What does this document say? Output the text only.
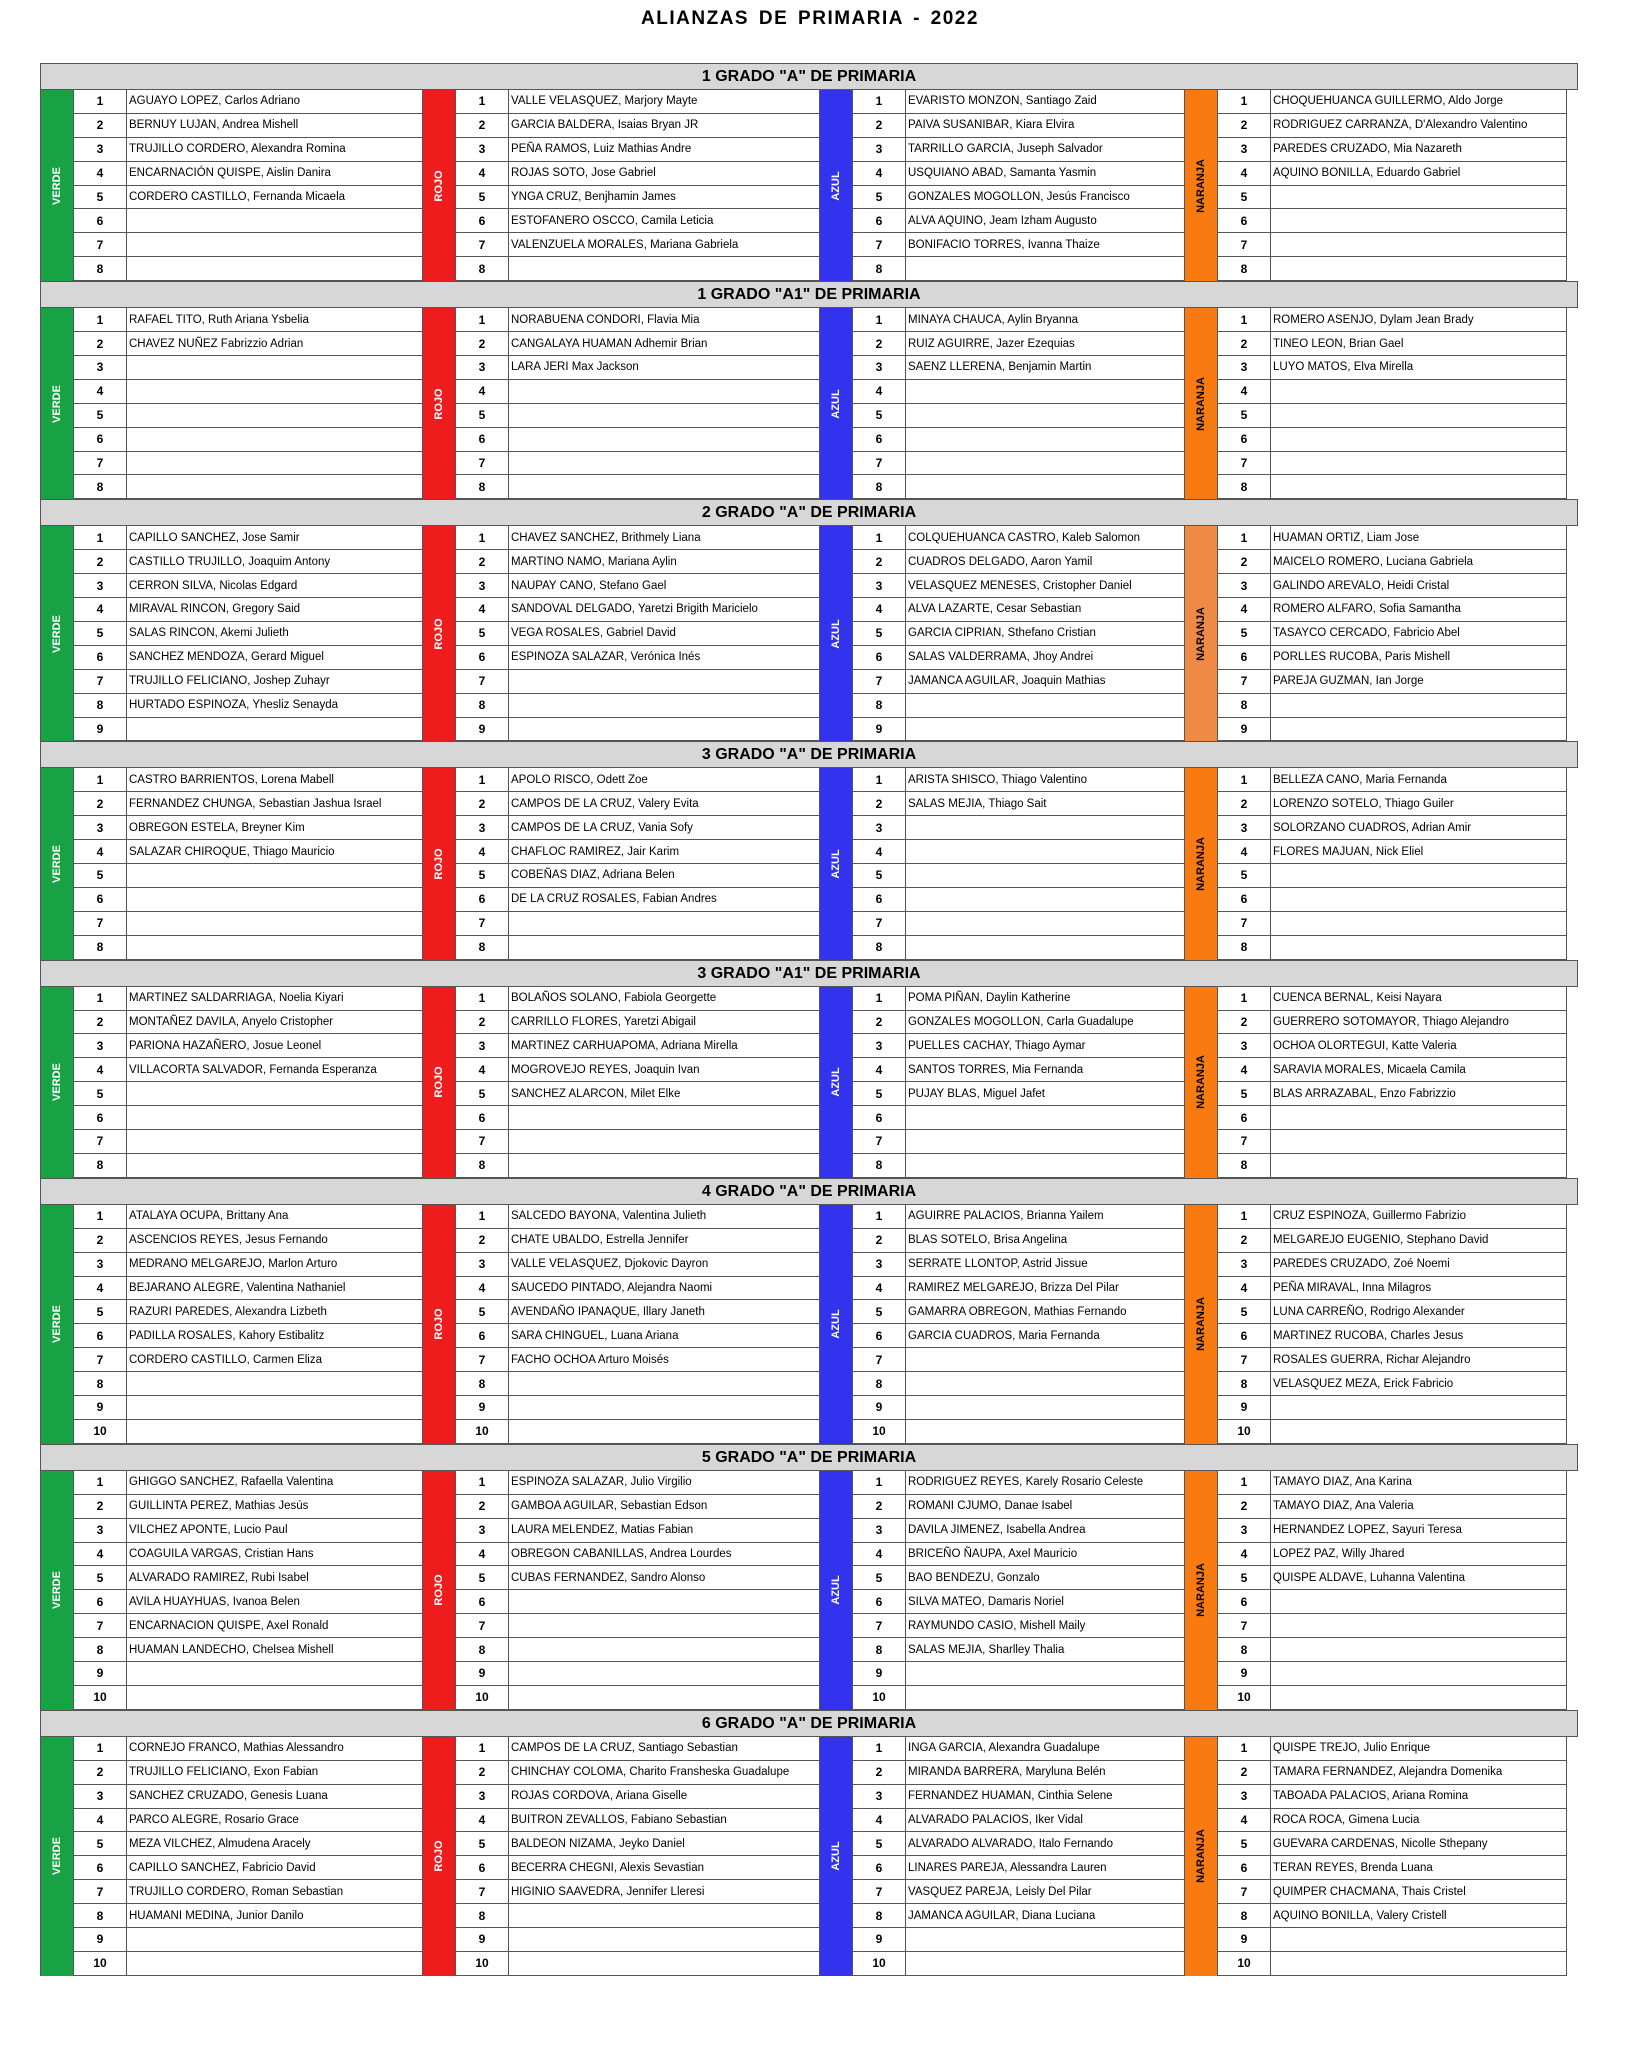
ALIANZAS DE PRIMARIA - 2022
1 GRADO "A" DE PRIMARIA
VERDE
1	AGUAYO LOPEZ, Carlos Adriano
2	BERNUY LUJAN, Andrea Mishell
3	TRUJILLO CORDERO, Alexandra Romina
4	ENCARNACIÓN QUISPE, Aislin Danira
5	CORDERO CASTILLO, Fernanda Micaela
6
7
8
ROJO
1	VALLE VELASQUEZ, Marjory Mayte
2	GARCIA BALDERA, Isaias Bryan JR
3	PEÑA RAMOS, Luiz Mathias Andre
4	ROJAS SOTO, Jose Gabriel
5	YNGA CRUZ, Benjhamin James
6	ESTOFANERO OSCCO, Camila Leticia
7	VALENZUELA MORALES, Mariana Gabriela
8
AZUL
1	EVARISTO MONZON, Santiago Zaid
2	PAIVA SUSANIBAR, Kiara Elvira
3	TARRILLO GARCIA, Juseph Salvador
4	USQUIANO ABAD, Samanta Yasmin
5	GONZALES MOGOLLON, Jesús Francisco
6	ALVA AQUINO, Jeam Izham Augusto
7	BONIFACIO TORRES, Ivanna Thaize
8
NARANJA
1	CHOQUEHUANCA GUILLERMO, Aldo Jorge
2	RODRIGUEZ CARRANZA, D'Alexandro Valentino
3	PAREDES CRUZADO, Mia Nazareth
4	AQUINO BONILLA, Eduardo Gabriel
5
6
7
8
1 GRADO "A1" DE PRIMARIA
VERDE
1	RAFAEL TITO, Ruth Ariana Ysbelia
2	CHAVEZ NUÑEZ Fabrizzio Adrian
3
4
5
6
7
8
ROJO
1	NORABUENA CONDORI, Flavia Mia
2	CANGALAYA HUAMAN Adhemir Brian
3	LARA JERI Max Jackson
4
5
6
7
8
AZUL
1	MINAYA CHAUCA, Aylin Bryanna
2	RUIZ AGUIRRE, Jazer Ezequias
3	SAENZ LLERENA, Benjamin Martin
4
5
6
7
8
NARANJA
1	ROMERO ASENJO, Dylam Jean Brady
2	TINEO LEON, Brian Gael
3	LUYO MATOS, Elva Mirella
4
5
6
7
8
2 GRADO "A" DE PRIMARIA
VERDE
1	CAPILLO SANCHEZ, Jose Samir
2	CASTILLO TRUJILLO, Joaquim Antony
3	CERRON SILVA, Nicolas Edgard
4	MIRAVAL RINCON, Gregory Said
5	SALAS RINCON, Akemi Julieth
6	SANCHEZ MENDOZA, Gerard Miguel
7	TRUJILLO FELICIANO, Joshep Zuhayr
8	HURTADO ESPINOZA, Yhesliz Senayda
9
ROJO
1	CHAVEZ SANCHEZ, Brithmely Liana
2	MARTINO NAMO, Mariana Aylin
3	NAUPAY CANO, Stefano Gael
4	SANDOVAL DELGADO, Yaretzi Brigith Maricielo
5	VEGA ROSALES, Gabriel David
6	ESPINOZA SALAZAR, Verónica Inés
7
8
9
AZUL
1	COLQUEHUANCA CASTRO, Kaleb Salomon
2	CUADROS DELGADO, Aaron Yamil
3	VELASQUEZ MENESES, Cristopher Daniel
4	ALVA LAZARTE, Cesar Sebastian
5	GARCIA CIPRIAN, Sthefano Cristian
6	SALAS VALDERRAMA, Jhoy Andrei
7	JAMANCA AGUILAR, Joaquin Mathias
8
9
NARANJA
1	HUAMAN ORTIZ, Liam Jose
2	MAICELO ROMERO, Luciana Gabriela
3	GALINDO AREVALO, Heidi Cristal
4	ROMERO ALFARO, Sofia Samantha
5	TASAYCO CERCADO, Fabricio Abel
6	PORLLES RUCOBA, Paris Mishell
7	PAREJA GUZMAN, Ian Jorge
8
9
3 GRADO "A" DE PRIMARIA
VERDE
1	CASTRO BARRIENTOS, Lorena Mabell
2	FERNANDEZ CHUNGA, Sebastian Jashua Israel
3	OBREGON ESTELA, Breyner Kim
4	SALAZAR CHIROQUE, Thiago Mauricio
5
6
7
8
ROJO
1	APOLO RISCO, Odett Zoe
2	CAMPOS DE LA CRUZ, Valery Evita
3	CAMPOS DE LA CRUZ, Vania Sofy
4	CHAFLOC RAMIREZ, Jair Karim
5	COBEÑAS DIAZ, Adriana Belen
6	DE LA CRUZ ROSALES, Fabian Andres
7
8
AZUL
1	ARISTA SHISCO, Thiago Valentino
2	SALAS MEJIA, Thiago Sait
3
4
5
6
7
8
NARANJA
1	BELLEZA CANO, Maria Fernanda
2	LORENZO SOTELO, Thiago Guiler
3	SOLORZANO CUADROS, Adrian Amir
4	FLORES MAJUAN, Nick Eliel
5
6
7
8
3 GRADO "A1" DE PRIMARIA
VERDE
1	MARTINEZ SALDARRIAGA, Noelia Kiyari
2	MONTAÑEZ DAVILA, Anyelo Cristopher
3	PARIONA HAZAÑERO, Josue Leonel
4	VILLACORTA SALVADOR, Fernanda Esperanza
5
6
7
8
ROJO
1	BOLAÑOS SOLANO, Fabiola Georgette
2	CARRILLO FLORES, Yaretzi Abigail
3	MARTINEZ CARHUAPOMA, Adriana Mirella
4	MOGROVEJO REYES, Joaquin Ivan
5	SANCHEZ ALARCON, Milet Elke
6
7
8
AZUL
1	POMA PIÑAN, Daylin Katherine
2	GONZALES MOGOLLON, Carla Guadalupe
3	PUELLES CACHAY, Thiago Aymar
4	SANTOS TORRES, Mia Fernanda
5	PUJAY BLAS, Miguel Jafet
6
7
8
NARANJA
1	CUENCA BERNAL, Keisi Nayara
2	GUERRERO SOTOMAYOR, Thiago Alejandro
3	OCHOA OLORTEGUI, Katte Valeria
4	SARAVIA MORALES, Micaela Camila
5	BLAS ARRAZABAL, Enzo Fabrizzio
6
7
8
4 GRADO "A" DE PRIMARIA
VERDE
1	ATALAYA OCUPA, Brittany Ana
2	ASCENCIOS REYES, Jesus Fernando
3	MEDRANO MELGAREJO, Marlon Arturo
4	BEJARANO ALEGRE, Valentina Nathaniel
5	RAZURI PAREDES, Alexandra Lizbeth
6	PADILLA ROSALES, Kahory Estibalitz
7	CORDERO CASTILLO, Carmen Eliza
8
9
10
ROJO
1	SALCEDO BAYONA, Valentina Julieth
2	CHATE UBALDO, Estrella Jennifer
3	VALLE VELASQUEZ, Djokovic Dayron
4	SAUCEDO PINTADO, Alejandra Naomi
5	AVENDAÑO IPANAQUE, Illary Janeth
6	SARA CHINGUEL, Luana Ariana
7	FACHO OCHOA Arturo Moisés
8
9
10
AZUL
1	AGUIRRE PALACIOS, Brianna Yailem
2	BLAS SOTELO, Brisa Angelina
3	SERRATE LLONTOP, Astrid Jissue
4	RAMIREZ MELGAREJO, Brizza Del Pilar
5	GAMARRA OBREGON, Mathias Fernando
6	GARCIA CUADROS, Maria Fernanda
7
8
9
10
NARANJA
1	CRUZ ESPINOZA, Guillermo Fabrizio
2	MELGAREJO EUGENIO, Stephano David
3	PAREDES CRUZADO, Zoé Noemi
4	PEÑA MIRAVAL, Inna Milagros
5	LUNA CARREÑO, Rodrigo Alexander
6	MARTINEZ RUCOBA, Charles Jesus
7	ROSALES GUERRA, Richar Alejandro
8	VELASQUEZ MEZA, Erick Fabricio
9
10
5 GRADO "A" DE PRIMARIA
VERDE
1	GHIGGO SANCHEZ, Rafaella Valentina
2	GUILLINTA PEREZ, Mathias Jesús
3	VILCHEZ APONTE, Lucio Paul
4	COAGUILA VARGAS, Cristian Hans
5	ALVARADO RAMIREZ, Rubi Isabel
6	AVILA HUAYHUAS, Ivanoa Belen
7	ENCARNACION QUISPE, Axel Ronald
8	HUAMAN LANDECHO, Chelsea Mishell
9
10
ROJO
1	ESPINOZA SALAZAR, Julio Virgilio
2	GAMBOA AGUILAR, Sebastian Edson
3	LAURA MELENDEZ, Matias Fabian
4	OBREGON CABANILLAS, Andrea Lourdes
5	CUBAS FERNANDEZ, Sandro Alonso
6
7
8
9
10
AZUL
1	RODRIGUEZ REYES, Karely Rosario Celeste
2	ROMANI CJUMO, Danae Isabel
3	DAVILA JIMENEZ, Isabella Andrea
4	BRICEÑO ÑAUPA, Axel Mauricio
5	BAO BENDEZU, Gonzalo
6	SILVA MATEO, Damaris Noriel
7	RAYMUNDO CASIO, Mishell Maily
8	SALAS MEJIA, Sharlley Thalia
9
10
NARANJA
1	TAMAYO DIAZ, Ana Karina
2	TAMAYO DIAZ, Ana Valeria
3	HERNANDEZ LOPEZ, Sayuri Teresa
4	LOPEZ PAZ, Willy Jhared
5	QUISPE ALDAVE, Luhanna Valentina
6
7
8
9
10
6 GRADO "A" DE PRIMARIA
VERDE
1	CORNEJO FRANCO, Mathias Alessandro
2	TRUJILLO FELICIANO, Exon Fabian
3	SANCHEZ CRUZADO, Genesis Luana
4	PARCO ALEGRE, Rosario Grace
5	MEZA VILCHEZ, Almudena Aracely
6	CAPILLO SANCHEZ, Fabricio David
7	TRUJILLO CORDERO, Roman Sebastian
8	HUAMANI MEDINA, Junior Danilo
9
10
ROJO
1	CAMPOS DE LA CRUZ, Santiago Sebastian
2	CHINCHAY COLOMA, Charito Fransheska Guadalupe
3	ROJAS CORDOVA, Ariana Giselle
4	BUITRON ZEVALLOS, Fabiano Sebastian
5	BALDEON NIZAMA, Jeyko Daniel
6	BECERRA CHEGNI, Alexis Sevastian
7	HIGINIO SAAVEDRA, Jennifer Lleresi
8
9
10
AZUL
1	INGA GARCIA, Alexandra Guadalupe
2	MIRANDA BARRERA, Maryluna Belén
3	FERNANDEZ HUAMAN, Cinthia Selene
4	ALVARADO PALACIOS, Iker Vidal
5	ALVARADO ALVARADO, Italo Fernando
6	LINARES PAREJA, Alessandra Lauren
7	VASQUEZ PAREJA, Leisly Del Pilar
8	JAMANCA AGUILAR, Diana Luciana
9
10
NARANJA
1	QUISPE TREJO, Julio Enrique
2	TAMARA FERNANDEZ, Alejandra Domenika
3	TABOADA PALACIOS, Ariana Romina
4	ROCA ROCA, Gimena Lucia
5	GUEVARA CARDENAS, Nicolle Sthepany
6	TERAN REYES, Brenda Luana
7	QUIMPER CHACMANA, Thais Cristel
8	AQUINO BONILLA, Valery Cristell
9
10
